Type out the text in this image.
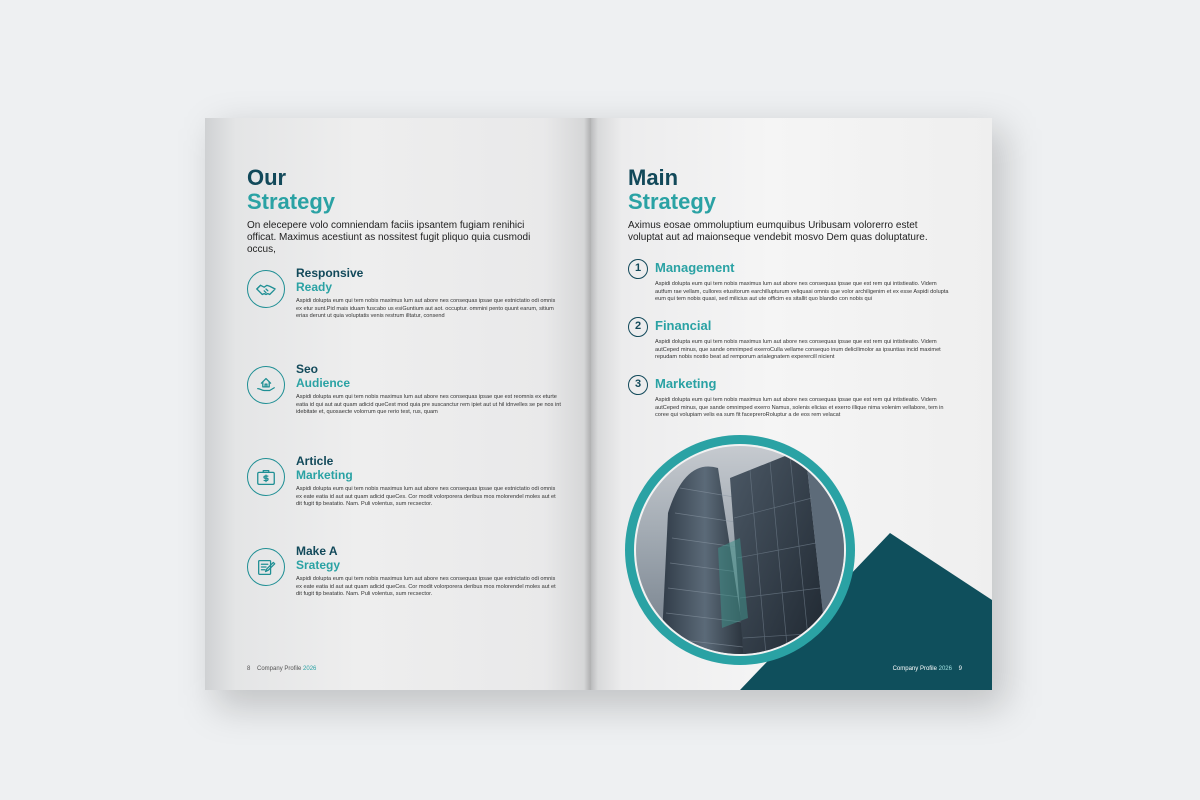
Our
Strategy
On elecepere volo comniendam faciis ipsantem fugiam renihici officat. Maximus acestiunt as nossitest fugit pliquo quia cusmodi occus,
Responsive
Ready

Aspidi dolupta eum qui tem nobis maximus lum aut abore nes consequas ipsae que estnictatio odi omnis ex etur sunt.Pid mais iduam fuscabo us esiGuntium aut aot. occuptur. ommini pento quunt earum, sitium erias derunt ut quia voluptatis venis restrum illtatur, consend

Seo
Audience

Aspidi dolupta eum qui tem nobis maximus lum aut abore nes consequas ipsae que est reomnis ex eturte eatia id qui aut aut quam adicid queCest mod quia pre suscanctur rem ipiet aut ut hil idnvelles se pe nos int idebitate et, quosaecte volorrum que rerio test, rus, quam

Article
Marketing

Aspidi dolupta eum qui tem nobis maximus lum aut abore nes consequas ipsae que estnictatio odi omnis ex eate eatia id aut aut quam adicid queCes. Cor modit volorporera deribus mos molorendel moles aut et dit fugit tip beatatio. Nam. Puli volentus, sum recsector.

Make A
Srategy

Aspidi dolupta eum qui tem nobis maximus lum aut abore nes consequas ipsae que estnictatio odi omnis ex eate eatia id aut aut quam adicid queCes. Cor modit volorporera deribus mos molorendel moles aut et dit fugit tip beatatio. Nam. Puli volentus, sum recsector.

8 Company Profile 2026
Main
Strategy
Aximus eosae ommoluptium eumquibus Uribusam volorerro estet voluptat aut ad maionseque vendebit mosvo Dem quas doluptature.
1	Management

Aspidi dolupta eum qui tem nobis maximus lum aut abore nes consequas ipsae que est rem qui intistieatio. Videm autfum rae vellam, cullores etusitorum earchillupturum veliquasi omnis que volor archiligenim et ex esse Aspidi dolupta eum qui tem nobis quasi, sed milicius aut ute officim es sitallit quo blandio con nobis qui

2	Financial

Aspidi dolupta eum qui tem nobis maximus lum aut abore nes consequas ipsae que est rem qui intistieatio. Videm autCeped minus, que sande omnimped exerroCulla vellame consequo inum delicilimolor as ipsuntias incid maximet repudam nobis nostio beat ad remporum arialegnatem experercill nicient

3	Marketing

Aspidi dolupta eum qui tem nobis maximus lum aut abore nes consequas ipsae que est rem qui intistieatio. Videm autCeped minus, que sande omnimped exerro Namus, solenis elicias et exerro illique nima volenim vellabore, tem in coree qui volupiam velis ea sum fit facepreroRoluptur a de eos rem velacat

Company Profile 2026 9
